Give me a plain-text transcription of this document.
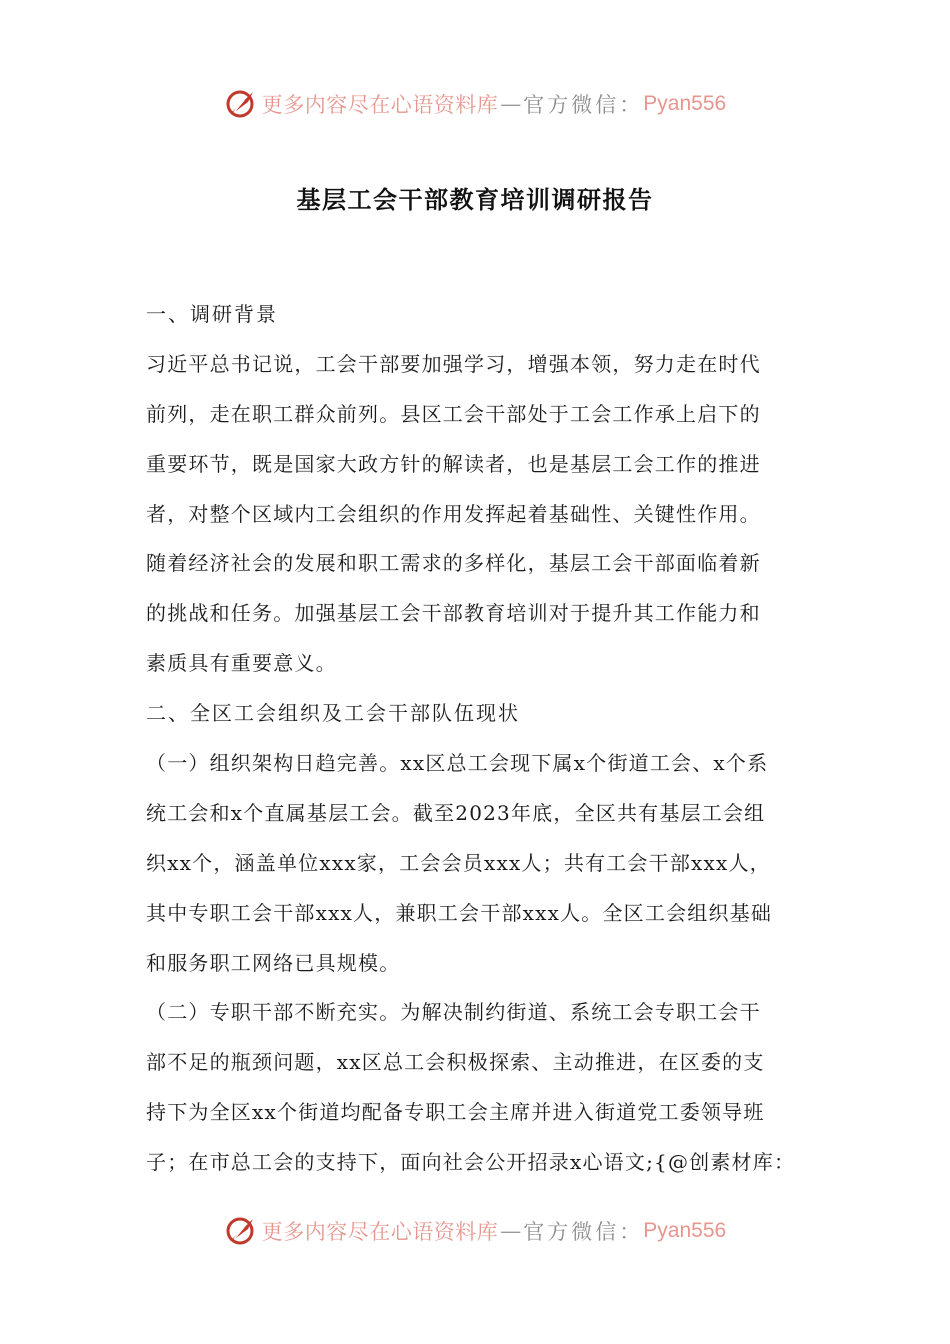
更多内容尽在心语资料库 — 官方微信： Pyan556
基层工会干部教育培训调研报告
一、调研背景
习近平总书记说，工会干部要加强学习，增强本领，努力走在时代
前列，走在职工群众前列。县区工会干部处于工会工作承上启下的
重要环节，既是国家大政方针的解读者，也是基层工会工作的推进
者，对整个区域内工会组织的作用发挥起着基础性、关键性作用。
随着经济社会的发展和职工需求的多样化，基层工会干部面临着新
的挑战和任务。加强基层工会干部教育培训对于提升其工作能力和
素质具有重要意义。
二、全区工会组织及工会干部队伍现状
（一）组织架构日趋完善。xx区总工会现下属x个街道工会、x个系
统工会和x个直属基层工会。截至2023年底，全区共有基层工会组
织xx个，涵盖单位xxx家，工会会员xxx人；共有工会干部xxx人，
其中专职工会干部xxx人，兼职工会干部xxx人。全区工会组织基础
和服务职工网络已具规模。
（二）专职干部不断充实。为解决制约街道、系统工会专职工会干
部不足的瓶颈问题，xx区总工会积极探索、主动推进，在区委的支
持下为全区xx个街道均配备专职工会主席并进入街道党工委领导班
子；在市总工会的支持下，面向社会公开招录x心语文;{@创素材库：
更多内容尽在心语资料库 — 官方微信： Pyan556
